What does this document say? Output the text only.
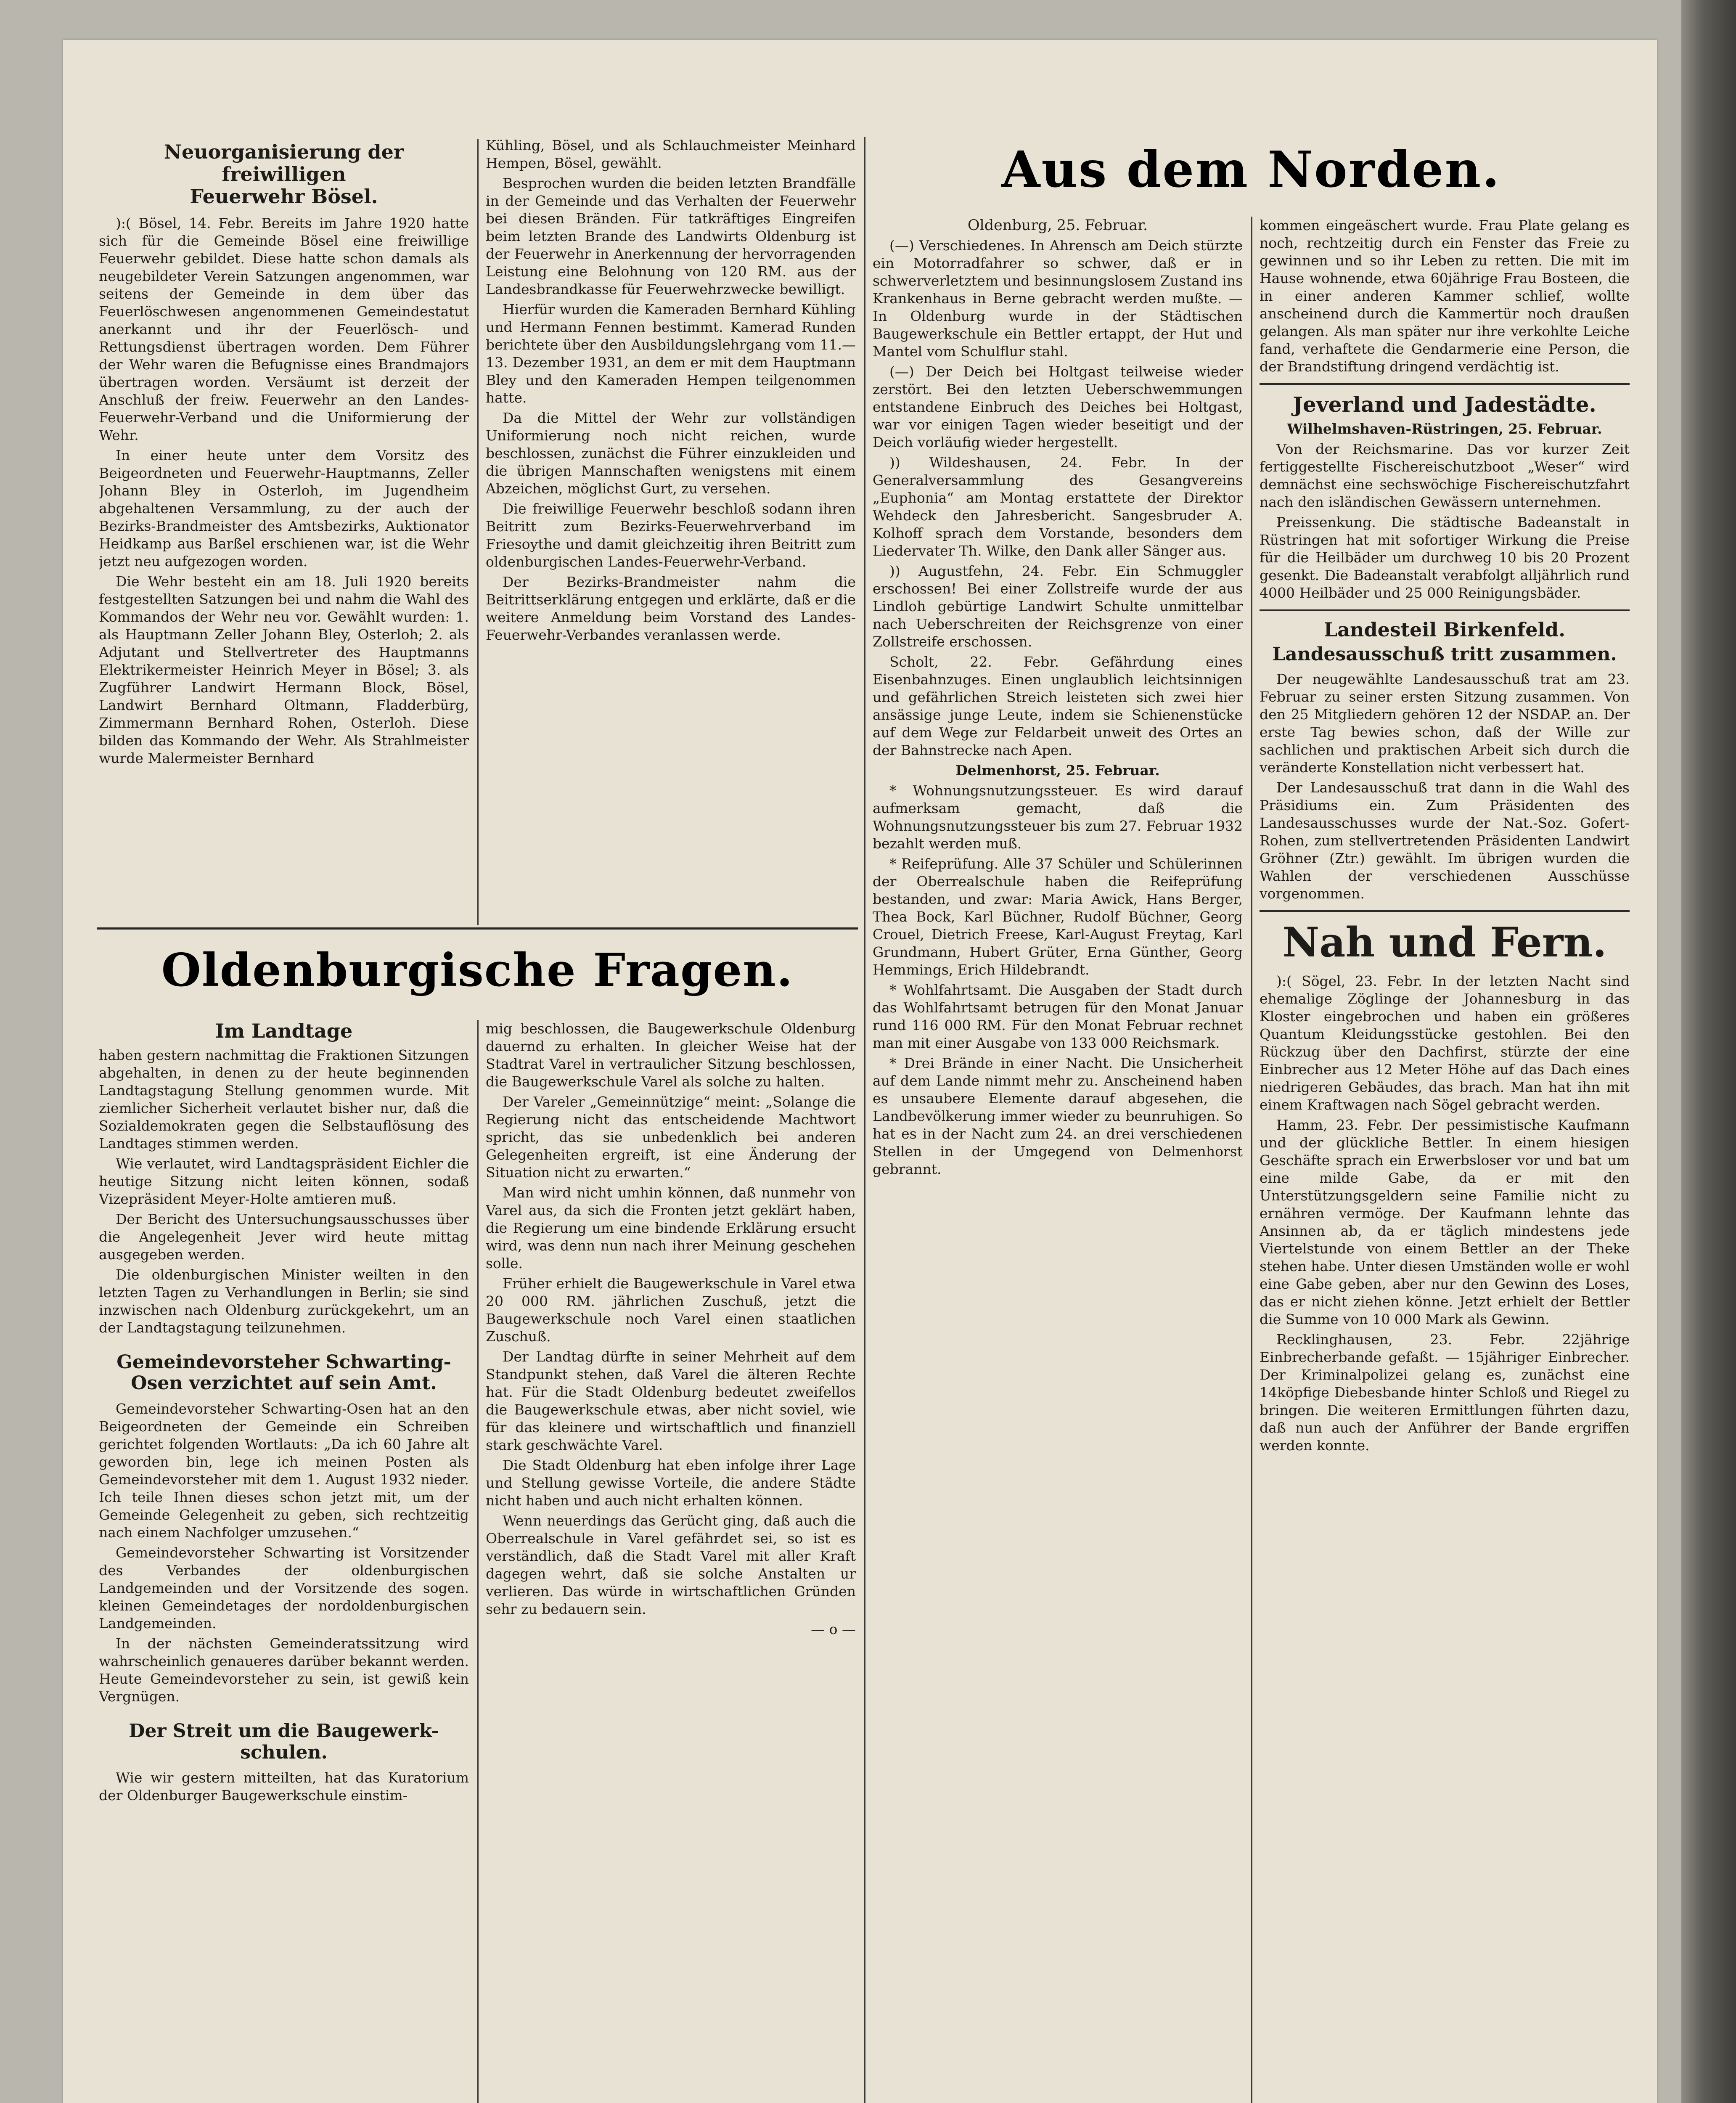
Neuorganisierung der freiwilligen
Feuerwehr Bösel.

):( Bösel, 14. Febr. Bereits im Jahre 1920 hatte sich für die Gemeinde Bösel eine freiwillige Feuerwehr gebildet. Diese hatte schon damals als neugebildeter Verein Satzungen angenommen, war seitens der Gemeinde in dem über das Feuerlöschwesen angenommenen Gemeindestatut anerkannt und ihr der Feuerlösch- und Rettungsdienst übertragen worden. Dem Führer der Wehr waren die Befugnisse eines Brandmajors übertragen worden. Versäumt ist derzeit der Anschluß der freiw. Feuerwehr an den Landes-Feuerwehr-Verband und die Uniformierung der Wehr.

In einer heute unter dem Vorsitz des Beigeordneten und Feuerwehr-Hauptmanns, Zeller Johann Bley in Osterloh, im Jugendheim abgehaltenen Versammlung, zu der auch der Bezirks-Brandmeister des Amtsbezirks, Auktionator Heidkamp aus Barßel erschienen war, ist die Wehr jetzt neu aufgezogen worden.

Die Wehr besteht ein am 18. Juli 1920 bereits festgestellten Satzungen bei und nahm die Wahl des Kommandos der Wehr neu vor. Gewählt wurden: 1. als Hauptmann Zeller Johann Bley, Osterloh; 2. als Adjutant und Stellvertreter des Hauptmanns Elektrikermeister Heinrich Meyer in Bösel; 3. als Zugführer Landwirt Hermann Block, Bösel, Landwirt Bernhard Oltmann, Fladderbürg, Zimmermann Bernhard Rohen, Osterloh. Diese bilden das Kommando der Wehr. Als Strahlmeister wurde Malermeister Bernhard

Kühling, Bösel, und als Schlauchmeister Meinhard Hempen, Bösel, gewählt.

Besprochen wurden die beiden letzten Brandfälle in der Gemeinde und das Verhalten der Feuerwehr bei diesen Bränden. Für tatkräftiges Eingreifen beim letzten Brande des Landwirts Oldenburg ist der Feuerwehr in Anerkennung der hervorragenden Leistung eine Belohnung von 120 RM. aus der Landesbrandkasse für Feuerwehrzwecke bewilligt.

Hierfür wurden die Kameraden Bernhard Kühling und Hermann Fennen bestimmt. Kamerad Runden berichtete über den Ausbildungslehrgang vom 11.—13. Dezember 1931, an dem er mit dem Hauptmann Bley und den Kameraden Hempen teilgenommen hatte.

Da die Mittel der Wehr zur vollständigen Uniformierung noch nicht reichen, wurde beschlossen, zunächst die Führer einzukleiden und die übrigen Mannschaften wenigstens mit einem Abzeichen, möglichst Gurt, zu versehen.

Die freiwillige Feuerwehr beschloß sodann ihren Beitritt zum Bezirks-Feuerwehrverband im Friesoythe und damit gleichzeitig ihren Beitritt zum oldenburgischen Landes-Feuerwehr-Verband.

Der Bezirks-Brandmeister nahm die Beitrittserklärung entgegen und erklärte, daß er die weitere Anmeldung beim Vorstand des Landes-Feuerwehr-Verbandes veranlassen werde.

Oldenburgische Fragen.
Im Landtage

haben gestern nachmittag die Fraktionen Sitzungen abgehalten, in denen zu der heute beginnenden Landtagstagung Stellung genommen wurde. Mit ziemlicher Sicherheit verlautet bisher nur, daß die Sozialdemokraten gegen die Selbstauflösung des Landtages stimmen werden.

Wie verlautet, wird Landtagspräsident Eichler die heutige Sitzung nicht leiten können, sodaß Vizepräsident Meyer-Holte amtieren muß.

Der Bericht des Untersuchungsausschusses über die Angelegenheit Jever wird heute mittag ausgegeben werden.

Die oldenburgischen Minister weilten in den letzten Tagen zu Verhandlungen in Berlin; sie sind inzwischen nach Oldenburg zurückgekehrt, um an der Landtagstagung teilzunehmen.

Gemeindevorsteher Schwarting-
Osen verzichtet auf sein Amt.

Gemeindevorsteher Schwarting-Osen hat an den Beigeordneten der Gemeinde ein Schreiben gerichtet folgenden Wortlauts: „Da ich 60 Jahre alt geworden bin, lege ich meinen Posten als Gemeindevorsteher mit dem 1. August 1932 nieder. Ich teile Ihnen dieses schon jetzt mit, um der Gemeinde Gelegenheit zu geben, sich rechtzeitig nach einem Nachfolger umzusehen.“

Gemeindevorsteher Schwarting ist Vorsitzender des Verbandes der oldenburgischen Landgemeinden und der Vorsitzende des sogen. kleinen Gemeindetages der nordoldenburgischen Landgemeinden.

In der nächsten Gemeinderatssitzung wird wahrscheinlich genaueres darüber bekannt werden. Heute Gemeindevorsteher zu sein, ist gewiß kein Vergnügen.

Der Streit um die Baugewerk-
schulen.

Wie wir gestern mitteilten, hat das Kuratorium der Oldenburger Baugewerkschule einstim-

mig beschlossen, die Baugewerkschule Oldenburg dauernd zu erhalten. In gleicher Weise hat der Stadtrat Varel in vertraulicher Sitzung beschlossen, die Baugewerkschule Varel als solche zu halten.

Der Vareler „Gemeinnützige“ meint: „Solange die Regierung nicht das entscheidende Machtwort spricht, das sie unbedenklich bei anderen Gelegenheiten ergreift, ist eine Änderung der Situation nicht zu erwarten.“

Man wird nicht umhin können, daß nunmehr von Varel aus, da sich die Fronten jetzt geklärt haben, die Regierung um eine bindende Erklärung ersucht wird, was denn nun nach ihrer Meinung geschehen solle.

Früher erhielt die Baugewerkschule in Varel etwa 20 000 RM. jährlichen Zuschuß, jetzt die Baugewerkschule noch Varel einen staatlichen Zuschuß.

Der Landtag dürfte in seiner Mehrheit auf dem Standpunkt stehen, daß Varel die älteren Rechte hat. Für die Stadt Oldenburg bedeutet zweifellos die Baugewerkschule etwas, aber nicht soviel, wie für das kleinere und wirtschaftlich und finanziell stark geschwächte Varel.

Die Stadt Oldenburg hat eben infolge ihrer Lage und Stellung gewisse Vorteile, die andere Städte nicht haben und auch nicht erhalten können.

Wenn neuerdings das Gerücht ging, daß auch die Oberrealschule in Varel gefährdet sei, so ist es verständlich, daß die Stadt Varel mit aller Kraft dagegen wehrt, daß sie solche Anstalten ur verlieren. Das würde in wirtschaftlichen Gründen sehr zu bedauern sein.

— o —

Aus dem Norden.

Oldenburg, 25. Februar.

(—) Verschiedenes. In Ahrensch am Deich stürzte ein Motorradfahrer so schwer, daß er in schwerverletztem und besinnungslosem Zustand ins Krankenhaus in Berne gebracht werden mußte. — In Oldenburg wurde in der Städtischen Baugewerkschule ein Bettler ertappt, der Hut und Mantel vom Schulflur stahl.

(—) Der Deich bei Holtgast teilweise wieder zerstört. Bei den letzten Ueberschwemmungen entstandene Einbruch des Deiches bei Holtgast, war vor einigen Tagen wieder beseitigt und der Deich vorläufig wieder hergestellt.

)) Wildeshausen, 24. Febr. In der Generalversammlung des Gesangvereins „Euphonia“ am Montag erstattete der Direktor Wehdeck den Jahresbericht. Sangesbruder A. Kolhoff sprach dem Vorstande, besonders dem Liedervater Th. Wilke, den Dank aller Sänger aus.

)) Augustfehn, 24. Febr. Ein Schmuggler erschossen! Bei einer Zollstreife wurde der aus Lindloh gebürtige Landwirt Schulte unmittelbar nach Ueberschreiten der Reichsgrenze von einer Zollstreife erschossen.

Scholt, 22. Febr. Gefährdung eines Eisenbahnzuges. Einen unglaublich leichtsinnigen und gefährlichen Streich leisteten sich zwei hier ansässige junge Leute, indem sie Schienenstücke auf dem Wege zur Feldarbeit unweit des Ortes an der Bahnstrecke nach Apen.

Delmenhorst, 25. Februar.

* Wohnungsnutzungssteuer. Es wird darauf aufmerksam gemacht, daß die Wohnungsnutzungssteuer bis zum 27. Februar 1932 bezahlt werden muß.

* Reifeprüfung. Alle 37 Schüler und Schülerinnen der Oberrealschule haben die Reifeprüfung bestanden, und zwar: Maria Awick, Hans Berger, Thea Bock, Karl Büchner, Rudolf Büchner, Georg Crouel, Dietrich Freese, Karl-August Freytag, Karl Grundmann, Hubert Grüter, Erna Günther, Georg Hemmings, Erich Hildebrandt.

* Wohlfahrtsamt. Die Ausgaben der Stadt durch das Wohlfahrtsamt betrugen für den Monat Januar rund 116 000 RM. Für den Monat Februar rechnet man mit einer Ausgabe von 133 000 Reichsmark.

* Drei Brände in einer Nacht. Die Unsicherheit auf dem Lande nimmt mehr zu. Anscheinend haben es unsaubere Elemente darauf abgesehen, die Landbevölkerung immer wieder zu beunruhigen. So hat es in der Nacht zum 24. an drei verschiedenen Stellen in der Umgegend von Delmenhorst gebrannt.

kommen eingeäschert wurde. Frau Plate gelang es noch, rechtzeitig durch ein Fenster das Freie zu gewinnen und so ihr Leben zu retten. Die mit im Hause wohnende, etwa 60jährige Frau Bosteen, die in einer anderen Kammer schlief, wollte anscheinend durch die Kammertür noch draußen gelangen. Als man später nur ihre verkohlte Leiche fand, verhaftete die Gendarmerie eine Person, die der Brandstiftung dringend verdächtig ist.

Jeverland und Jadestädte.

Wilhelmshaven-Rüstringen, 25. Februar.

Von der Reichsmarine. Das vor kurzer Zeit fertiggestellte Fischereischutzboot „Weser“ wird demnächst eine sechswöchige Fischereischutzfahrt nach den isländischen Gewässern unternehmen.

Preissenkung. Die städtische Badeanstalt in Rüstringen hat mit sofortiger Wirkung die Preise für die Heilbäder um durchweg 10 bis 20 Prozent gesenkt. Die Badeanstalt verabfolgt alljährlich rund 4000 Heilbäder und 25 000 Reinigungsbäder.

Landesteil Birkenfeld.
Landesausschuß tritt zusammen.

Der neugewählte Landesausschuß trat am 23. Februar zu seiner ersten Sitzung zusammen. Von den 25 Mitgliedern gehören 12 der NSDAP. an. Der erste Tag bewies schon, daß der Wille zur sachlichen und praktischen Arbeit sich durch die veränderte Konstellation nicht verbessert hat.

Der Landesausschuß trat dann in die Wahl des Präsidiums ein. Zum Präsidenten des Landesausschusses wurde der Nat.-Soz. Gofert-Rohen, zum stellvertretenden Präsidenten Landwirt Gröhner (Ztr.) gewählt. Im übrigen wurden die Wahlen der verschiedenen Ausschüsse vorgenommen.

Nah und Fern.

):( Sögel, 23. Febr. In der letzten Nacht sind ehemalige Zöglinge der Johannesburg in das Kloster eingebrochen und haben ein größeres Quantum Kleidungsstücke gestohlen. Bei den Rückzug über den Dachfirst, stürzte der eine Einbrecher aus 12 Meter Höhe auf das Dach eines niedrigeren Gebäudes, das brach. Man hat ihn mit einem Kraftwagen nach Sögel gebracht werden.

Hamm, 23. Febr. Der pessimistische Kaufmann und der glückliche Bettler. In einem hiesigen Geschäfte sprach ein Erwerbsloser vor und bat um eine milde Gabe, da er mit den Unterstützungsgeldern seine Familie nicht zu ernähren vermöge. Der Kaufmann lehnte das Ansinnen ab, da er täglich mindestens jede Viertelstunde von einem Bettler an der Theke stehen habe. Unter diesen Umständen wolle er wohl eine Gabe geben, aber nur den Gewinn des Loses, das er nicht ziehen könne. Jetzt erhielt der Bettler die Summe von 10 000 Mark als Gewinn.

Recklinghausen, 23. Febr. 22jährige Einbrecherbande gefaßt. — 15jähriger Einbrecher. Der Kriminalpolizei gelang es, zunächst eine 14köpfige Diebesbande hinter Schloß und Riegel zu bringen. Die weiteren Ermittlungen führten dazu, daß nun auch der Anführer der Bande ergriffen werden konnte.
